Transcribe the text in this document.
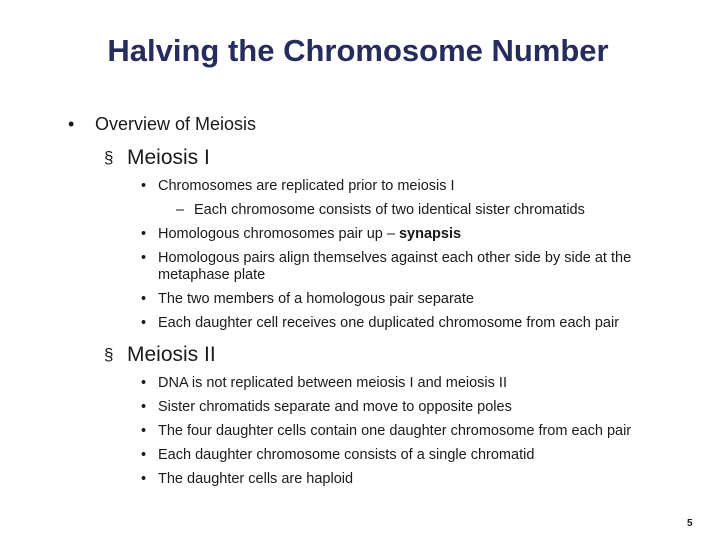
Halving the Chromosome Number
• Overview of Meiosis
§ Meiosis I
• Chromosomes are replicated prior to meiosis I
– Each chromosome consists of two identical sister chromatids
• Homologous chromosomes pair up – synapsis
• Homologous pairs align themselves against each other side by side at the metaphase plate
• The two members of a homologous pair separate
• Each daughter cell receives one duplicated chromosome from each pair
§ Meiosis II
• DNA is not replicated between meiosis I and meiosis II
• Sister chromatids separate and move to opposite poles
• The four daughter cells contain one daughter chromosome from each pair
• Each daughter chromosome consists of a single chromatid
• The daughter cells are haploid
5
